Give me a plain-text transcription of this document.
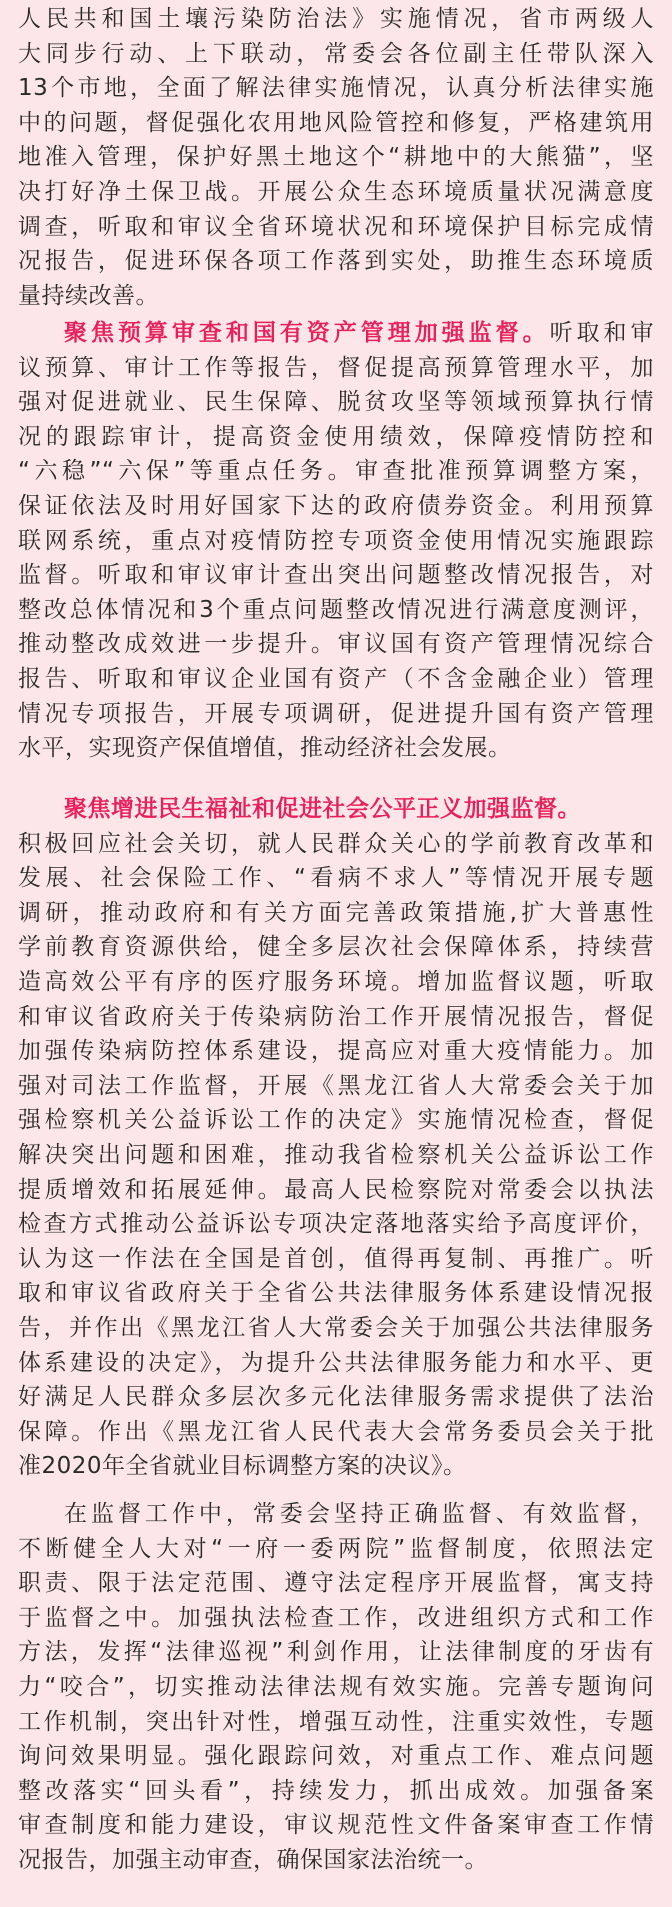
人民共和国土壤污染防治法》实施情况，省市两级人
大同步行动、上下联动，常委会各位副主任带队深入
13个市地，全面了解法律实施情况，认真分析法律实施
中的问题，督促强化农用地风险管控和修复，严格建筑用
地准入管理，保护好黑土地这个“耕地中的大熊猫”，坚
决打好净土保卫战。开展公众生态环境质量状况满意度
调查，听取和审议全省环境状况和环境保护目标完成情
况报告，促进环保各项工作落到实处，助推生态环境质
量持续改善。
聚焦预算审查和国有资产管理加强监督。听取和审
议预算、审计工作等报告，督促提高预算管理水平，加
强对促进就业、民生保障、脱贫攻坚等领域预算执行情
况的跟踪审计，提高资金使用绩效，保障疫情防控和
“六稳”“六保”等重点任务。审查批准预算调整方案，
保证依法及时用好国家下达的政府债券资金。利用预算
联网系统，重点对疫情防控专项资金使用情况实施跟踪
监督。听取和审议审计查出突出问题整改情况报告，对
整改总体情况和3个重点问题整改情况进行满意度测评，
推动整改成效进一步提升。审议国有资产管理情况综合
报告、听取和审议企业国有资产（不含金融企业）管理
情况专项报告，开展专项调研，促进提升国有资产管理
水平，实现资产保值增值，推动经济社会发展。
聚焦增进民生福祉和促进社会公平正义加强监督。
积极回应社会关切，就人民群众关心的学前教育改革和
发展、社会保险工作、“看病不求人”等情况开展专题
调研，推动政府和有关方面完善政策措施,扩大普惠性
学前教育资源供给，健全多层次社会保障体系，持续营
造高效公平有序的医疗服务环境。增加监督议题，听取
和审议省政府关于传染病防治工作开展情况报告，督促
加强传染病防控体系建设，提高应对重大疫情能力。加
强对司法工作监督，开展《黑龙江省人大常委会关于加
强检察机关公益诉讼工作的决定》实施情况检查，督促
解决突出问题和困难，推动我省检察机关公益诉讼工作
提质增效和拓展延伸。最高人民检察院对常委会以执法
检查方式推动公益诉讼专项决定落地落实给予高度评价，
认为这一作法在全国是首创，值得再复制、再推广。听
取和审议省政府关于全省公共法律服务体系建设情况报
告，并作出《黑龙江省人大常委会关于加强公共法律服务
体系建设的决定》，为提升公共法律服务能力和水平、更
好满足人民群众多层次多元化法律服务需求提供了法治
保障。作出《黑龙江省人民代表大会常务委员会关于批
准2020年全省就业目标调整方案的决议》。
在监督工作中，常委会坚持正确监督、有效监督，
不断健全人大对“一府一委两院”监督制度，依照法定
职责、限于法定范围、遵守法定程序开展监督，寓支持
于监督之中。加强执法检查工作，改进组织方式和工作
方法，发挥“法律巡视”利剑作用，让法律制度的牙齿有
力“咬合”，切实推动法律法规有效实施。完善专题询问
工作机制，突出针对性，增强互动性，注重实效性，专题
询问效果明显。强化跟踪问效，对重点工作、难点问题
整改落实“回头看”，持续发力，抓出成效。加强备案
审查制度和能力建设，审议规范性文件备案审查工作情
况报告，加强主动审查，确保国家法治统一。
